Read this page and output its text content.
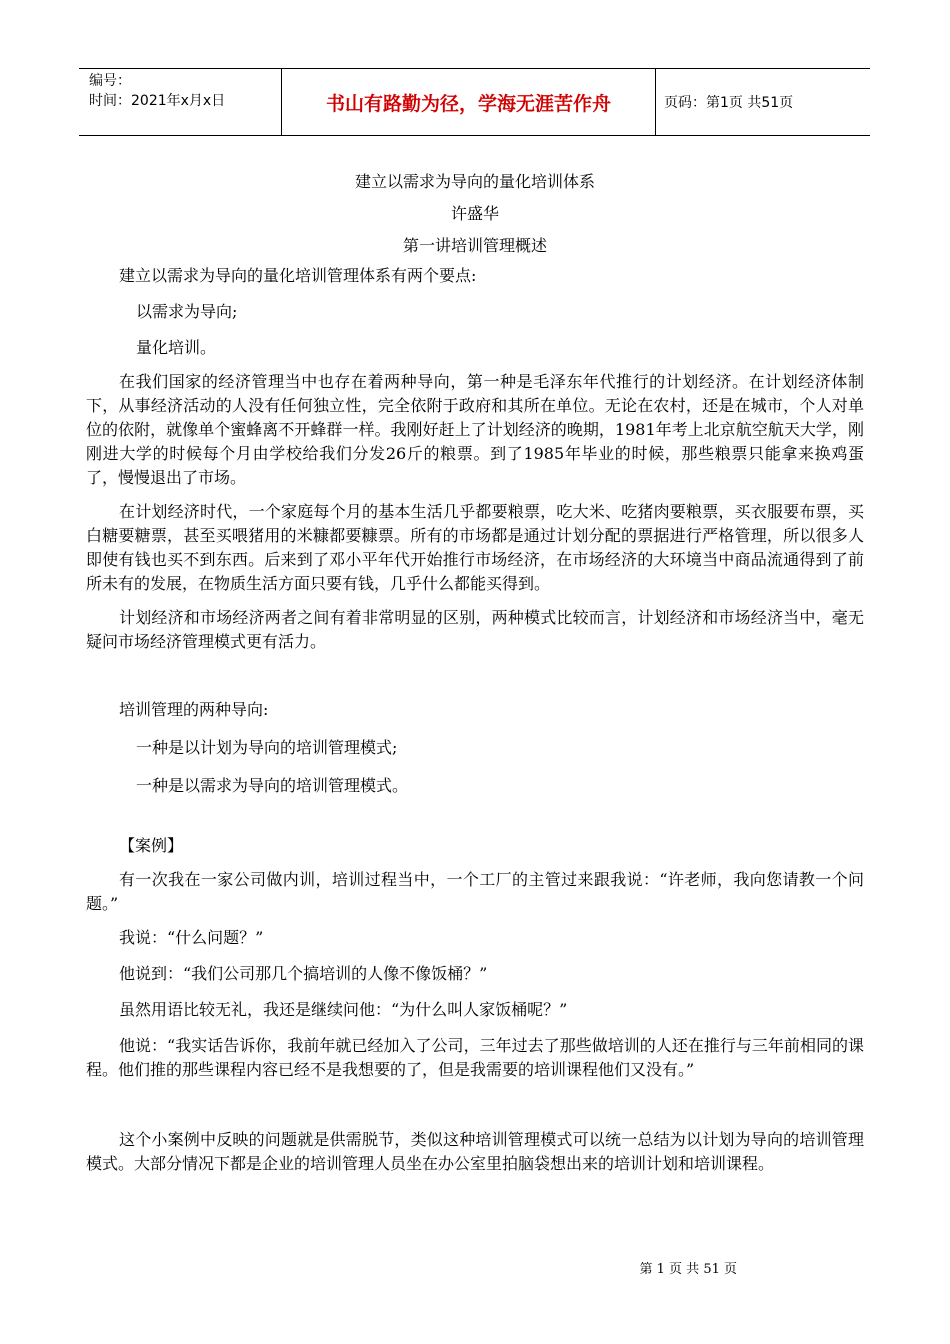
编号：
时间：2021年x月x日	书山有路勤为径，学海无涯苦作舟	页码：第1页 共51页

建立以需求为导向的量化培训体系

许盛华

第一讲培训管理概述

建立以需求为导向的量化培训管理体系有两个要点:

以需求为导向;

量化培训。

在我们国家的经济管理当中也存在着两种导向，第一种是毛泽东年代推行的计划经济。在计划经济体制下，从事经济活动的人没有任何独立性，完全依附于政府和其所在单位。无论在农村，还是在城市，个人对单位的依附，就像单个蜜蜂离不开蜂群一样。我刚好赶上了计划经济的晚期，1981年考上北京航空航天大学，刚刚进大学的时候每个月由学校给我们分发26斤的粮票。到了1985年毕业的时候，那些粮票只能拿来换鸡蛋了，慢慢退出了市场。

在计划经济时代，一个家庭每个月的基本生活几乎都要粮票，吃大米、吃猪肉要粮票，买衣服要布票，买白糖要糖票，甚至买喂猪用的米糠都要糠票。所有的市场都是通过计划分配的票据进行严格管理，所以很多人即使有钱也买不到东西。后来到了邓小平年代开始推行市场经济，在市场经济的大环境当中商品流通得到了前所未有的发展，在物质生活方面只要有钱，几乎什么都能买得到。

计划经济和市场经济两者之间有着非常明显的区别，两种模式比较而言，计划经济和市场经济当中，毫无疑问市场经济管理模式更有活力。

培训管理的两种导向:

一种是以计划为导向的培训管理模式;

一种是以需求为导向的培训管理模式。

【案例】

有一次我在一家公司做内训，培训过程当中，一个工厂的主管过来跟我说：“许老师，我向您请教一个问题。”

我说：“什么问题？”

他说到：“我们公司那几个搞培训的人像不像饭桶？”

虽然用语比较无礼，我还是继续问他：“为什么叫人家饭桶呢？”

他说：“我实话告诉你，我前年就已经加入了公司，三年过去了那些做培训的人还在推行与三年前相同的课程。他们推的那些课程内容已经不是我想要的了，但是我需要的培训课程他们又没有。”

这个小案例中反映的问题就是供需脱节，类似这种培训管理模式可以统一总结为以计划为导向的培训管理模式。大部分情况下都是企业的培训管理人员坐在办公室里拍脑袋想出来的培训计划和培训课程。

第 1 页 共 51 页
